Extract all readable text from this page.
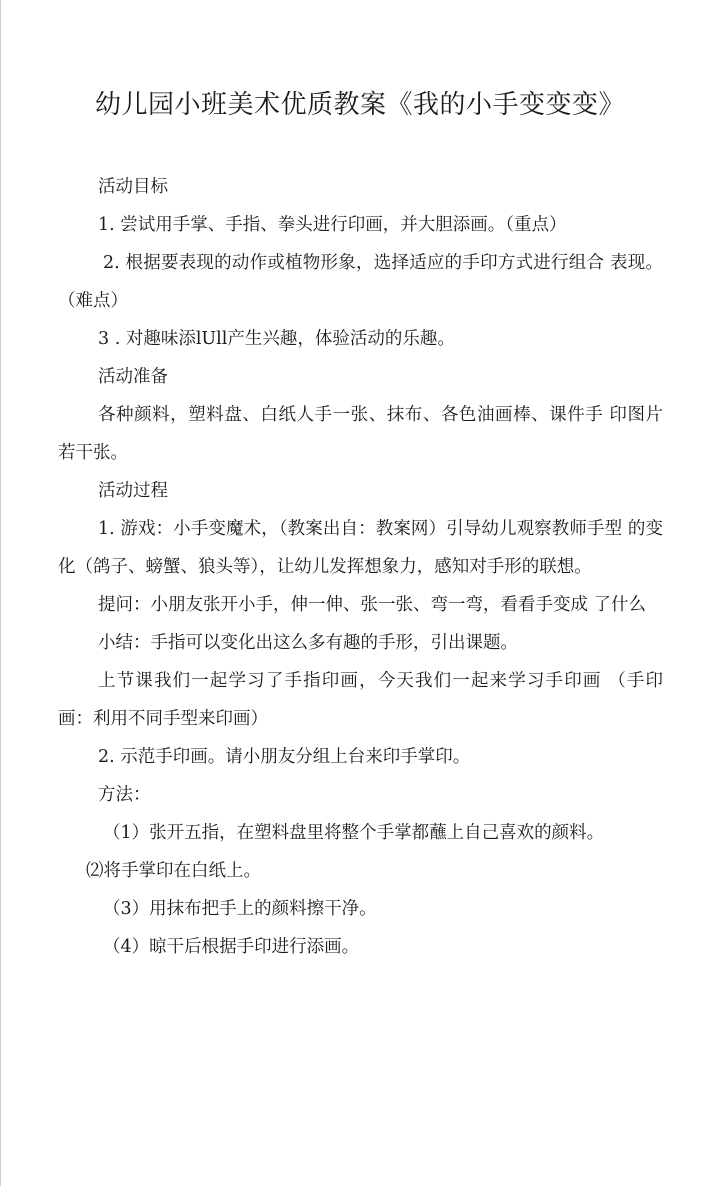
幼儿园小班美术优质教案《我的小手变变变》

活动目标

1. 尝试用手掌、手指、拳头进行印画，并大胆添画。（重点）

2. 根据要表现的动作或植物形象，选择适应的手印方式进行组合 表现。（难点）

3 . 对趣味添lUll产生兴趣，体验活动的乐趣。

活动准备

各种颜料，塑料盘、白纸人手一张、抹布、各色油画棒、课件手 印图片若干张。

活动过程

1. 游戏：小手变魔术，（教案出自：教案网）引导幼儿观察教师手型 的变化（鸽子、螃蟹、狼头等），让幼儿发挥想象力，感知对手形的联想。

提问：小朋友张开小手，伸一伸、张一张、弯一弯，看看手变成 了什么

小结：手指可以变化出这么多有趣的手形，引出课题。

上节课我们一起学习了手指印画，今天我们一起来学习手印画 （手印画：利用不同手型来印画）

2. 示范手印画。请小朋友分组上台来印手掌印。

方法：

（1）张开五指，在塑料盘里将整个手掌都蘸上自己喜欢的颜料。

⑵将手掌印在白纸上。

（3）用抹布把手上的颜料擦干净。

（4）晾干后根据手印进行添画。
